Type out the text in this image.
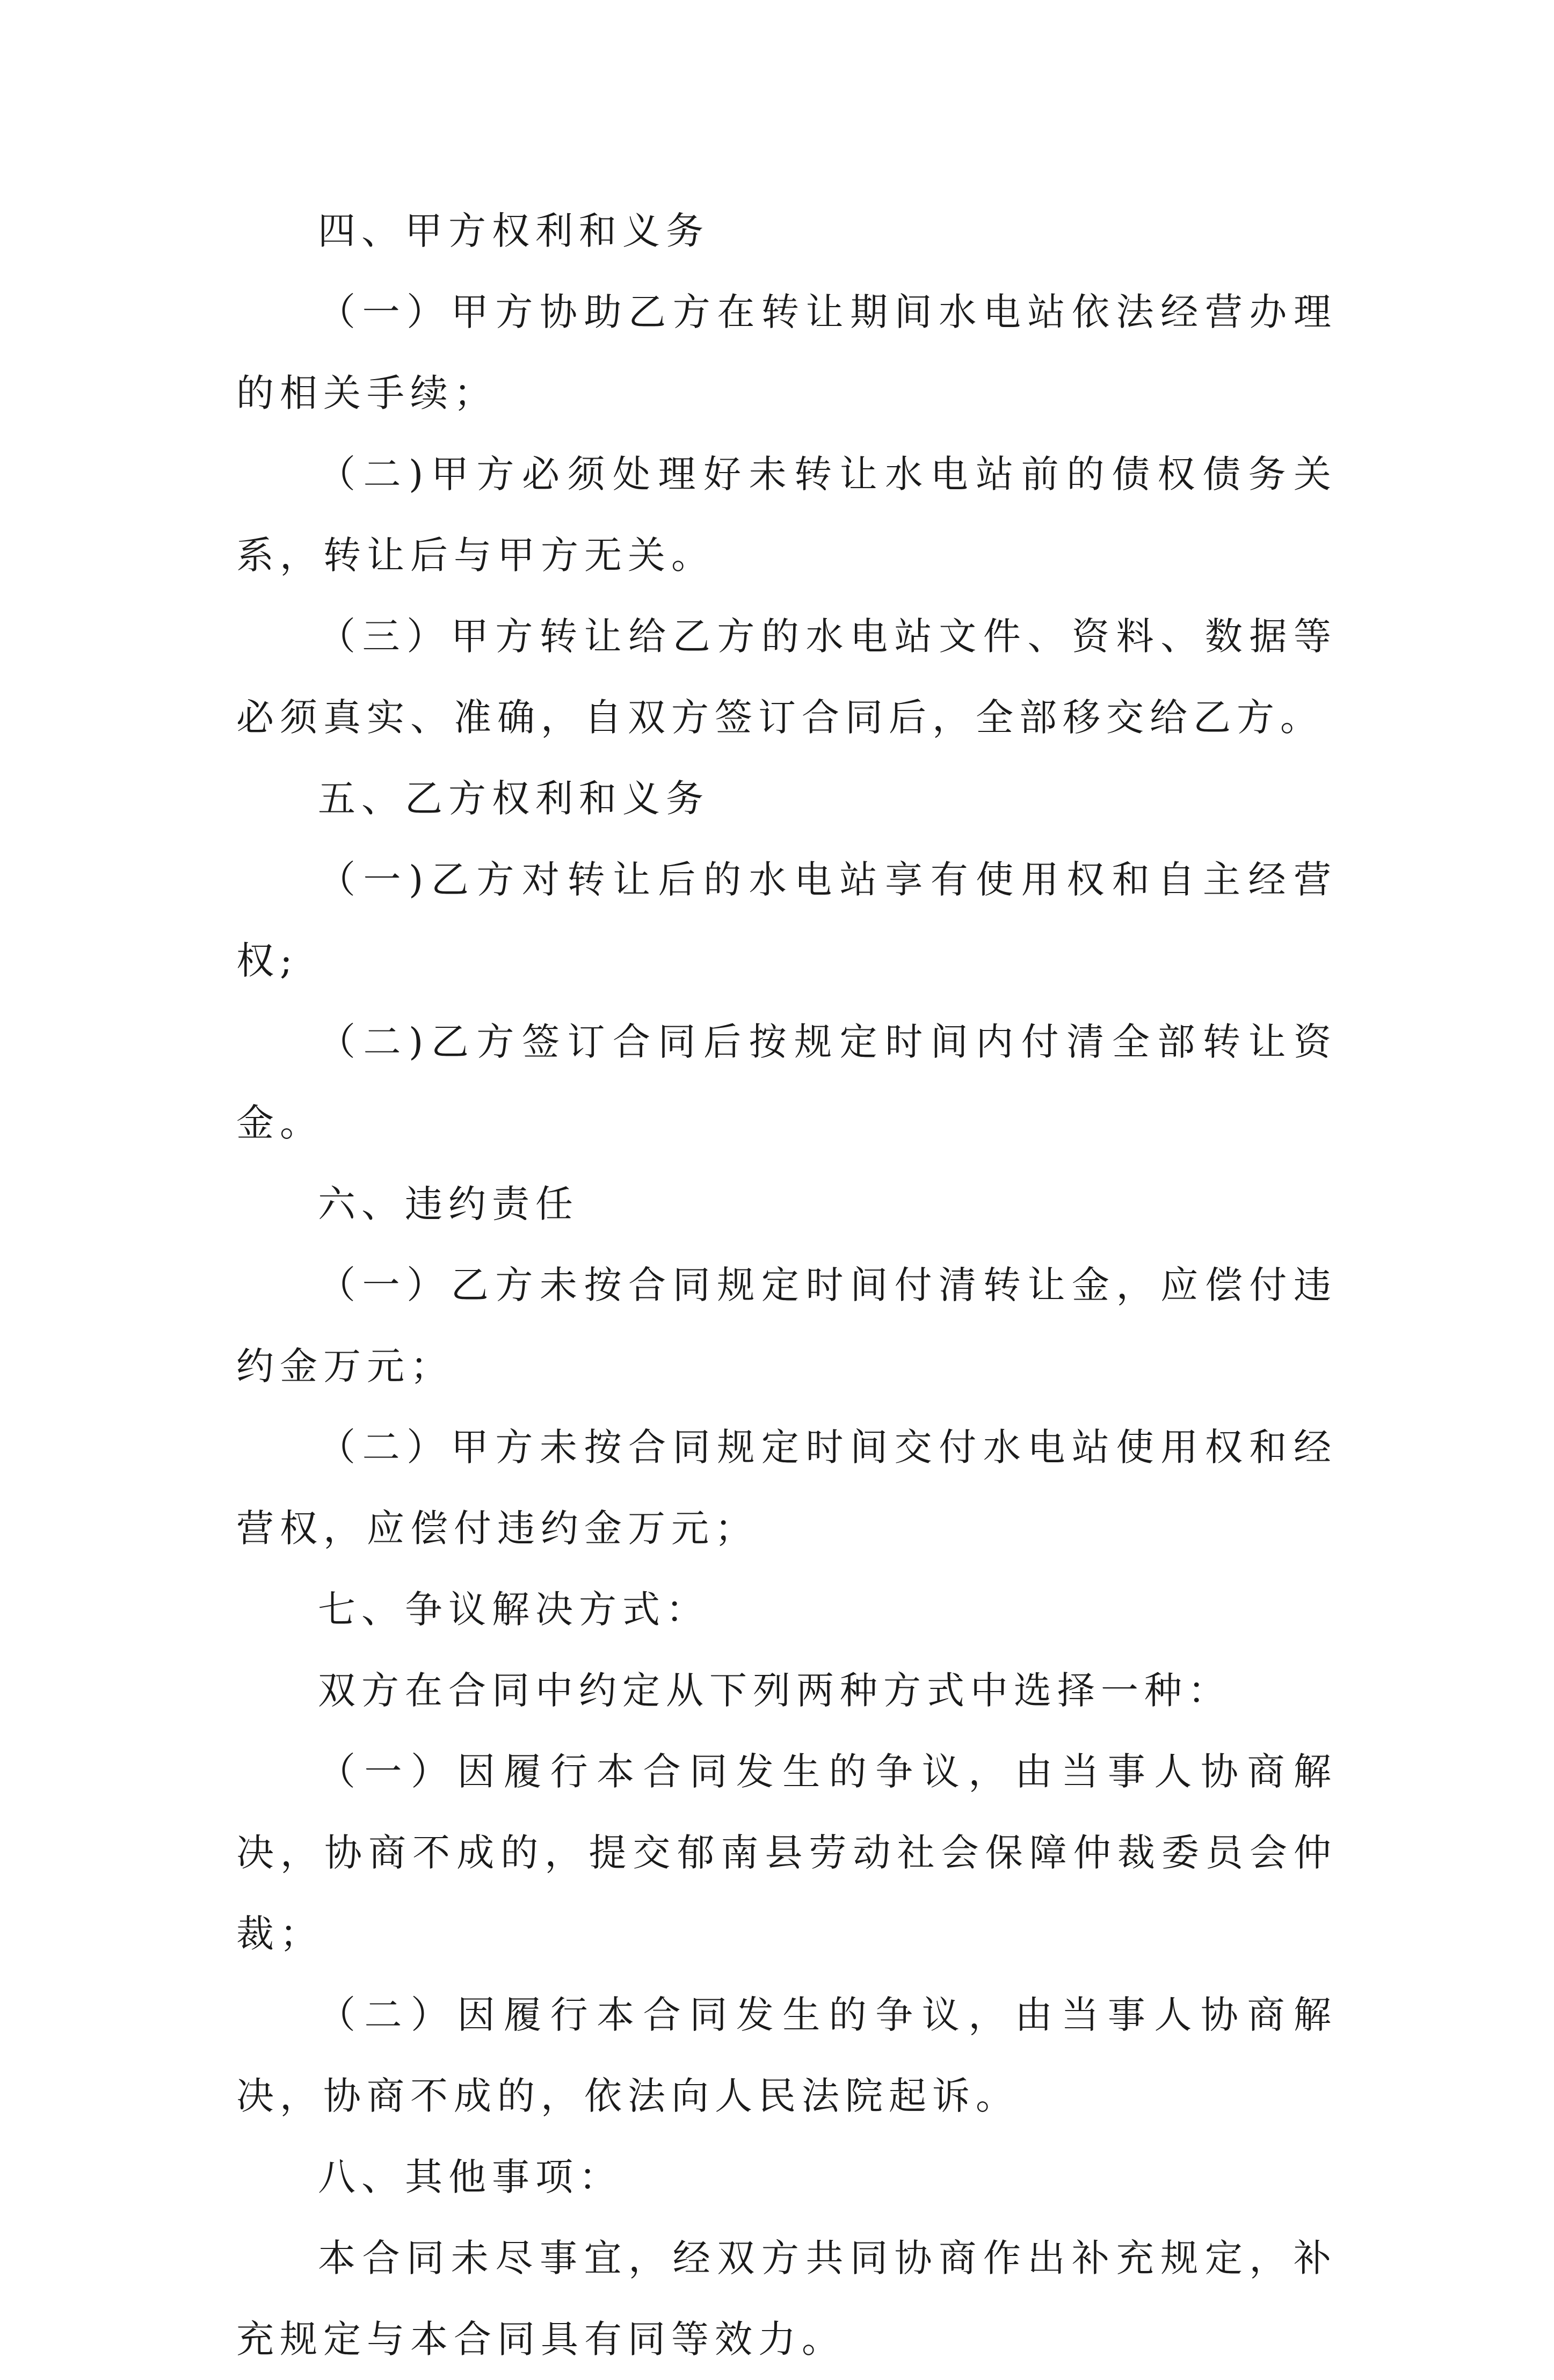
四、甲方权利和义务

（一）甲方协助乙方在转让期间水电站依法经营办理的相关手续；

（二)甲方必须处理好未转让水电站前的债权债务关系，转让后与甲方无关。

（三）甲方转让给乙方的水电站文件、资料、数据等必须真实、准确，自双方签订合同后，全部移交给乙方。

五、乙方权利和义务

（一)乙方对转让后的水电站享有使用权和自主经营权;

（二)乙方签订合同后按规定时间内付清全部转让资金。

六、违约责任

（一）乙方未按合同规定时间付清转让金，应偿付违约金万元；

（二）甲方未按合同规定时间交付水电站使用权和经营权，应偿付违约金万元；

七、争议解决方式：

双方在合同中约定从下列两种方式中选择一种：

（一）因履行本合同发生的争议，由当事人协商解决，协商不成的，提交郁南县劳动社会保障仲裁委员会仲裁；

（二）因履行本合同发生的争议，由当事人协商解决，协商不成的，依法向人民法院起诉。

八、其他事项：

本合同未尽事宜，经双方共同协商作出补充规定，补充规定与本合同具有同等效力。
